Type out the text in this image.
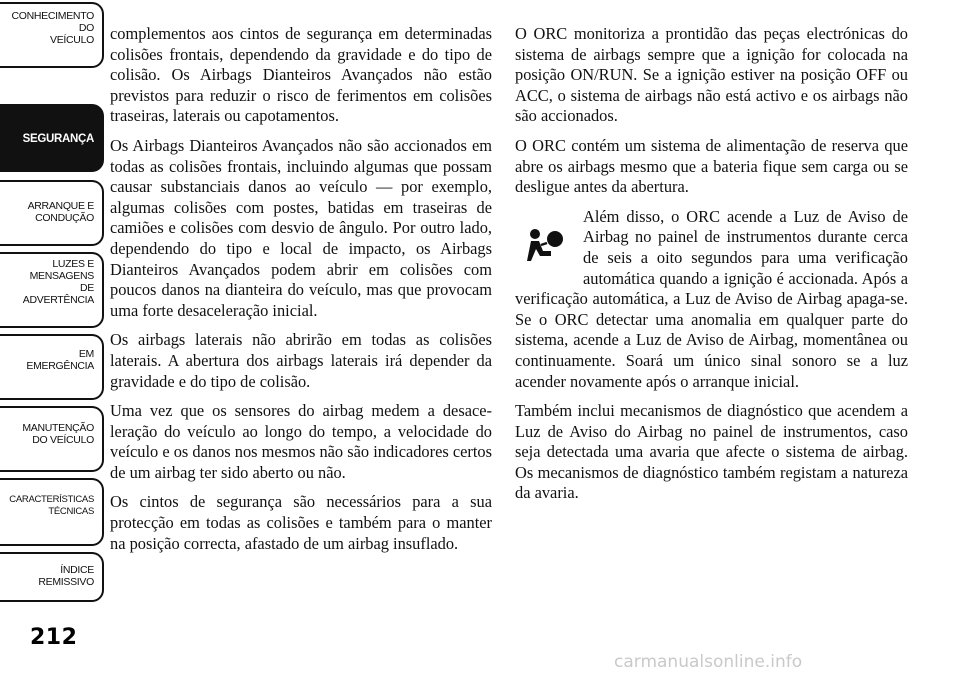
CONHECIMENTO
DO
VEÍCULO
SEGURANÇA
ARRANQUE E
CONDUÇÃO
LUZES E
MENSAGENS
DE
ADVERTÊNCIA
EM
EMERGÊNCIA
MANUTENÇÃO
DO VEÍCULO
CARACTERÍSTICAS
TÉCNICAS
ÍNDICE
REMISSIVO
212

complementos aos cintos de segurança em determinadas colisões frontais, dependendo da gravidade e do tipo de colisão. Os Airbags Dianteiros Avançados não estão previstos para reduzir o risco de ferimentos em colisões traseiras, laterais ou capotamentos.

Os Airbags Dianteiros Avançados não são accionados em todas as colisões frontais, incluindo algumas que possam causar substanciais danos ao veículo — por exemplo, algumas colisões com postes, batidas em traseiras de camiões e colisões com desvio de ângulo. Por outro lado, dependendo do tipo e local de impacto, os Airbags Dianteiros Avançados podem abrir em colisões com poucos danos na dianteira do veículo, mas que provocam uma forte desaceleração inicial.

Os airbags laterais não abrirão em todas as colisões laterais. A abertura dos airbags laterais irá depender da gravidade e do tipo de colisão.

Uma vez que os sensores do airbag medem a desaceleração do veículo ao longo do tempo, a velocidade do veículo e os danos nos mesmos não são indicadores certos de um airbag ter sido aberto ou não.

Os cintos de segurança são necessários para a sua protecção em todas as colisões e também para o manter na posição correcta, afastado de um airbag insuflado.

O ORC monitoriza a prontidão das peças electrónicas do sistema de airbags sempre que a ignição for colocada na posição ON/RUN. Se a ignição estiver na posição OFF ou ACC, o sistema de airbags não está activo e os airbags não são accionados.

O ORC contém um sistema de alimentação de reserva que abre os airbags mesmo que a bateria fique sem carga ou se desligue antes da abertura.

Além disso, o ORC acende a Luz de Aviso de Airbag no painel de instrumentos durante cerca de seis a oito segundos para uma verificação automática quando a ignição é accionada. Após a verificação automática, a Luz de Aviso de Airbag apaga-se. Se o ORC detectar uma anomalia em qualquer parte do sistema, acende a Luz de Aviso de Airbag, momentânea ou continuamente. Soará um único sinal sonoro se a luz acender novamente após o arranque inicial.

Também inclui mecanismos de diagnóstico que acendem a Luz de Aviso do Airbag no painel de instrumentos, caso seja detectada uma avaria que afecte o sistema de airbag. Os mecanismos de diagnóstico também registam a natureza da avaria.

carmanualsonline.info
